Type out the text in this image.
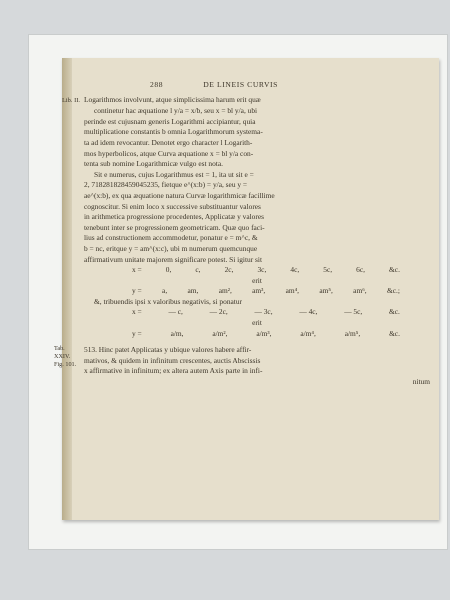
288	DE LINEIS CURVIS
Lib. II. Logarithmos involvunt, atque simplicissima harum erit quæ
continetur hac æquatione l y/a = x/b, seu x = bl y/a, ubi
perinde est cujusnam generis Logarithmi accipiantur, quia
multiplicatione constantis b omnia Logarithmorum systema-
ta ad idem revocantur. Denotet ergo character l Logarith-
mos hyperbolicos, atque Curva æquatione x = bl y/a con-
tenta sub nomine Logarithmicæ vulgo est nota.
Sit e numerus, cujus Logarithmus est = 1, ita ut sit e =
2, 718281828459045235, fietque e^(x:b) = y/a, seu y =
ae^(x:b), ex qua æquatione natura Curvæ logarithmicæ facillime
cognoscitur. Si enim loco x successive substituantur valores
in arithmetica progressione procedentes, Applicatæ y valores
tenebunt inter se progressionem geometricam. Quæ quo faci-
lius ad constructionem accommodetur, ponatur e = m^c, &
b = nc, eritque y = am^(x:c), ubi m numerum quemcunque
affirmativum unitate majorem significare potest. Si igitur sit
x =	0,	c,	2c,	3c,	4c,	5c,	6c,	&c.
erit
y =	a,	am,	am²,	am³,	am⁴,	am⁵,	am⁶,	&c.;
&, tribuendis ipsi x valoribus negativis, si ponatur
x =	— c,	— 2c,	— 3c,	— 4c,	— 5c,	&c.
erit
y =	a/m,	a/m²,	a/m³,	a/m⁴,	a/m⁵,	&c.
Tab.
XXIV.
Fig. 101.
513. Hinc patet Applicatas y ubique valores habere affir-
mativos, & quidem in infinitum crescentes, auctis Abscissis
x affirmative in infinitum; ex altera autem Axis parte in infi-
nitum
